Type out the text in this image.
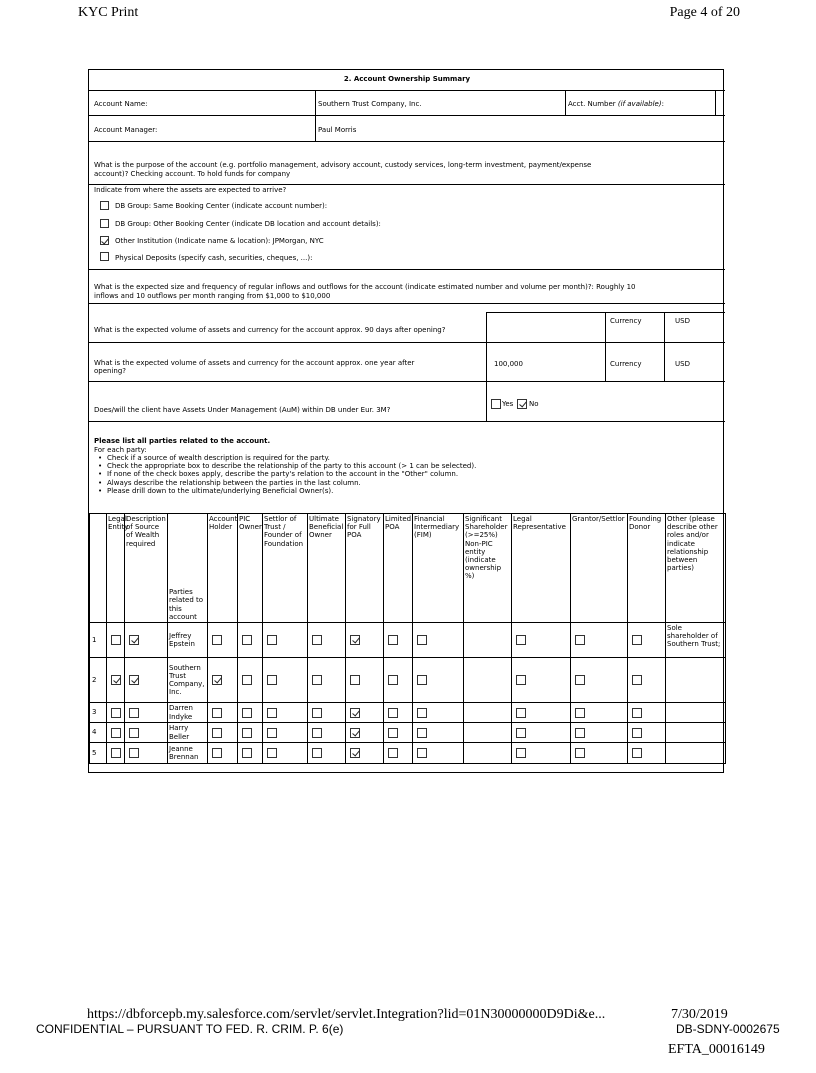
KYC Print	Page 4 of 20
2. Account Ownership Summary
Account Name:	Southern Trust Company, Inc.	Acct. Number (if available):
Account Manager:	Paul Morris
What is the purpose of the account (e.g. portfolio management, advisory account, custody services, long-term investment, payment/expense
account)? Checking account. To hold funds for company
Indicate from where the assets are expected to arrive?
DB Group: Same Booking Center (indicate account number):
DB Group: Other Booking Center (indicate DB location and account details):
Other Institution (Indicate name & location): JPMorgan, NYC
Physical Deposits (specify cash, securities, cheques, ...):
What is the expected size and frequency of regular inflows and outflows for the account (indicate estimated number and volume per month)?: Roughly 10
inflows and 10 outflows per month ranging from $1,000 to $10,000
What is the expected volume of assets and currency for the account approx. 90 days after opening?
Currency	USD
What is the expected volume of assets and currency for the account approx. one year after
opening?
100,000	Currency	USD
Does/will the client have Assets Under Management (AuM) within DB under Eur. 3M?
Yes No
Please list all parties related to the account.
For each party:
• Check if a source of wealth description is required for the party.
• Check the appropriate box to describe the relationship of the party to this account (> 1 can be selected).
• If none of the check boxes apply, describe the party's relation to the account in the "Other" column.
• Always describe the relationship between the parties in the last column.
• Please drill down to the ultimate/underlying Beneficial Owner(s).
	Legal Entity	Description of Source of Wealth required	Parties related to this account	Account Holder	PIC Owner	Settlor of Trust / Founder of Foundation	Ultimate Beneficial Owner	Signatory for Full POA	Limited POA	Financial Intermediary (FIM)	Significant Shareholder (>=25%) Non-PIC entity (indicate ownership %)	Legal Representative	Grantor/Settlor	Founding Donor	Other (please describe other roles and/or indicate relationship between parties)
1			Jeffrey Epstein												Sole shareholder of Southern Trust;
2			Southern Trust Company, Inc.	

3			Darren Indyke	

4			Harry Beller	

5			Jeanne Brennan	

https://dbforcepb.my.salesforce.com/servlet/servlet.Integration?lid=01N30000000D9Di&e...	7/30/2019
CONFIDENTIAL – PURSUANT TO FED. R. CRIM. P. 6(e)	DB-SDNY-0002675
EFTA_00016149
